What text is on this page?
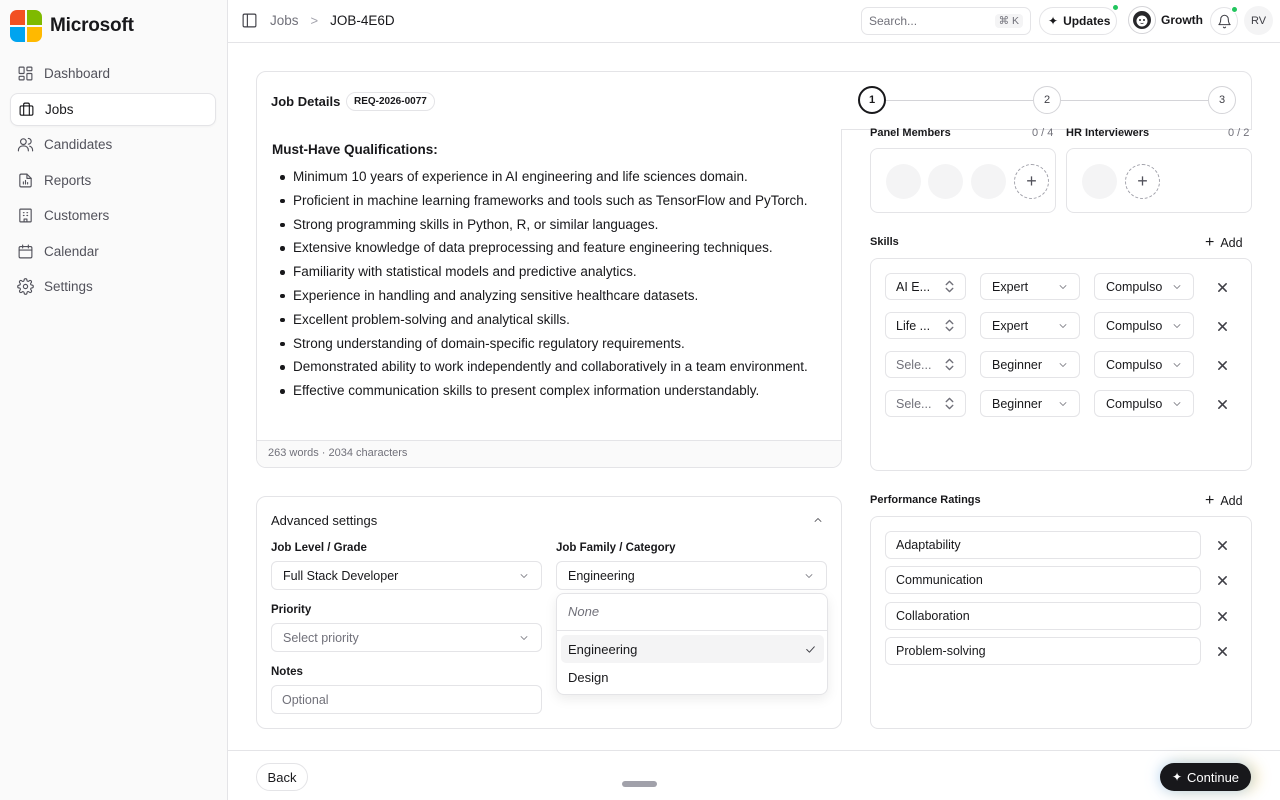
Microsoft
Dashboard
Jobs
Candidates
Reports
Customers
Calendar
Settings
Jobs > JOB-4E6D	Search...	⌘ K	✦ Updates	Growth	RV
Job Details	REQ-2026-0077	1	2	3
Must-Have Qualifications:
Minimum 10 years of experience in AI engineering and life sciences domain.
Proficient in machine learning frameworks and tools such as TensorFlow and PyTorch.
Strong programming skills in Python, R, or similar languages.
Extensive knowledge of data preprocessing and feature engineering techniques.
Familiarity with statistical models and predictive analytics.
Experience in handling and analyzing sensitive healthcare datasets.
Excellent problem-solving and analytical skills.
Strong understanding of domain-specific regulatory requirements.
Demonstrated ability to work independently and collaboratively in a team environment.
Effective communication skills to present complex information understandably.
263 words · 2034 characters
Advanced settings
Job Level / Grade
Full Stack Developer
Job Family / Category
Engineering
Priority
Select priority
Notes
Optional
None
Engineering
Design
Panel Members	0 / 4 HR Interviewers	0 / 2
+	+
Skills	+ Add
AI E...	Expert	Compulso
Life ...	Expert	Compulso
Sele...	Beginner	Compulso
Sele...	Beginner	Compulso
Performance Ratings	+ Add
Adaptability
Communication
Collaboration
Problem-solving
Back	✦ Continue
